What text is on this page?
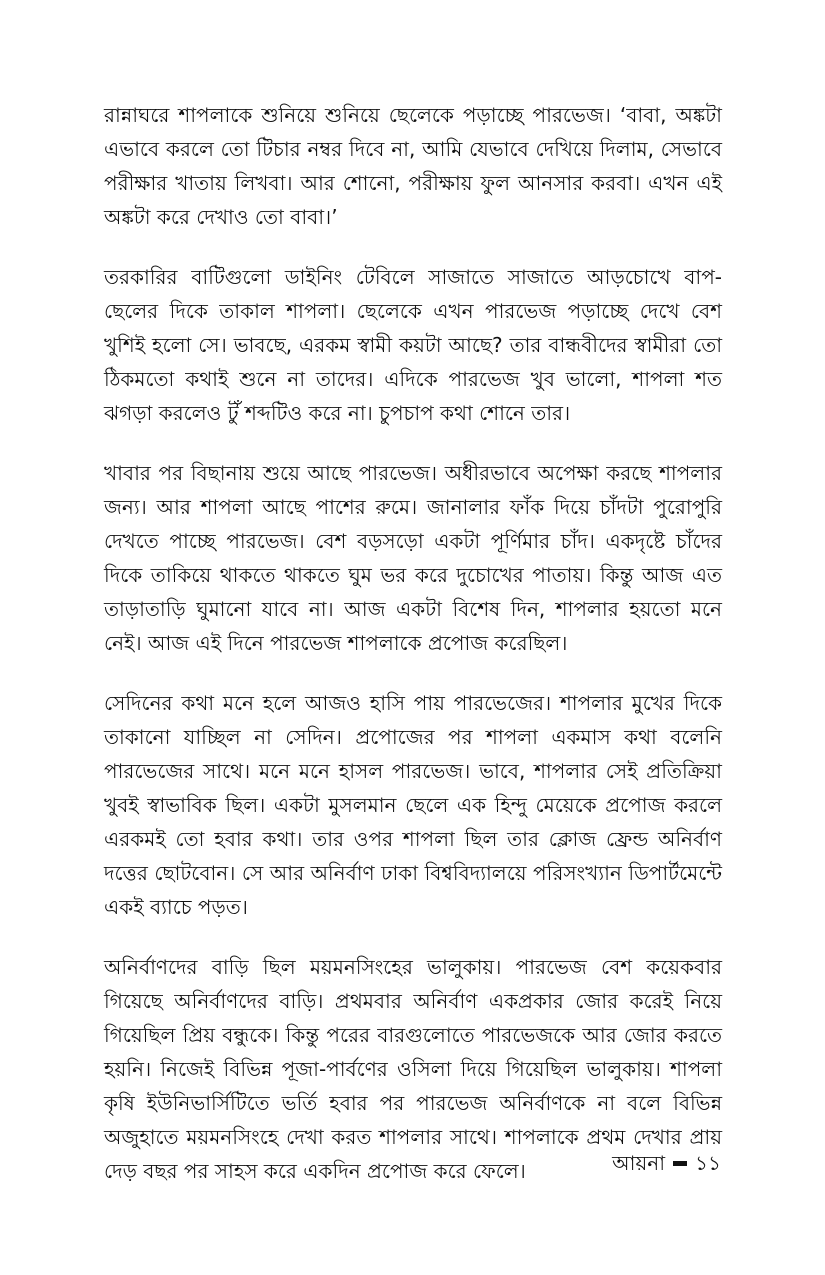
রান্নাঘরে শাপলাকে শুনিয়ে শুনিয়ে ছেলেকে পড়াচ্ছে পারভেজ। ‘বাবা, অঙ্কটা এভাবে করলে তো টিচার নম্বর দিবে না, আমি যেভাবে দেখিয়ে দিলাম, সেভাবে পরীক্ষার খাতায় লিখবা। আর শোনো, পরীক্ষায় ফুল আনসার করবা। এখন এই অঙ্কটা করে দেখাও তো বাবা।’

তরকারির বাটিগুলো ডাইনিং টেবিলে সাজাতে সাজাতে আড়চোখে বাপ-ছেলের দিকে তাকাল শাপলা। ছেলেকে এখন পারভেজ পড়াচ্ছে দেখে বেশ খুশিই হলো সে। ভাবছে, এরকম স্বামী কয়টা আছে? তার বান্ধবীদের স্বামীরা তো ঠিকমতো কথাই শুনে না তাদের। এদিকে পারভেজ খুব ভালো, শাপলা শত ঝগড়া করলেও টুঁ শব্দটিও করে না। চুপচাপ কথা শোনে তার।

খাবার পর বিছানায় শুয়ে আছে পারভেজ। অধীরভাবে অপেক্ষা করছে শাপলার জন্য। আর শাপলা আছে পাশের রুমে। জানালার ফাঁক দিয়ে চাঁদটা পুরোপুরি দেখতে পাচ্ছে পারভেজ। বেশ বড়সড়ো একটা পূর্ণিমার চাঁদ। একদৃষ্টে চাঁদের দিকে তাকিয়ে থাকতে থাকতে ঘুম ভর করে দুচোখের পাতায়। কিন্তু আজ এত তাড়াতাড়ি ঘুমানো যাবে না। আজ একটা বিশেষ দিন, শাপলার হয়তো মনে নেই। আজ এই দিনে পারভেজ শাপলাকে প্রপোজ করেছিল।

সেদিনের কথা মনে হলে আজও হাসি পায় পারভেজের। শাপলার মুখের দিকে তাকানো যাচ্ছিল না সেদিন। প্রপোজের পর শাপলা একমাস কথা বলেনি পারভেজের সাথে। মনে মনে হাসল পারভেজ। ভাবে, শাপলার সেই প্রতিক্রিয়া খুবই স্বাভাবিক ছিল। একটা মুসলমান ছেলে এক হিন্দু মেয়েকে প্রপোজ করলে এরকমই তো হবার কথা। তার ওপর শাপলা ছিল তার ক্লোজ ফ্রেন্ড অনির্বাণ দত্তের ছোটবোন। সে আর অনির্বাণ ঢাকা বিশ্ববিদ্যালয়ে পরিসংখ্যান ডিপার্টমেন্টে একই ব্যাচে পড়ত।

অনির্বাণদের বাড়ি ছিল ময়মনসিংহের ভালুকায়। পারভেজ বেশ কয়েকবার গিয়েছে অনির্বাণদের বাড়ি। প্রথমবার অনির্বাণ একপ্রকার জোর করেই নিয়ে গিয়েছিল প্রিয় বন্ধুকে। কিন্তু পরের বারগুলোতে পারভেজকে আর জোর করতে হয়নি। নিজেই বিভিন্ন পূজা-পার্বণের ওসিলা দিয়ে গিয়েছিল ভালুকায়। শাপলা কৃষি ইউনিভার্সিটিতে ভর্তি হবার পর পারভেজ অনির্বাণকে না বলে বিভিন্ন অজুহাতে ময়মনসিংহে দেখা করত শাপলার সাথে। শাপলাকে প্রথম দেখার প্রায় দেড় বছর পর সাহস করে একদিন প্রপোজ করে ফেলে।	আয়না ১১
